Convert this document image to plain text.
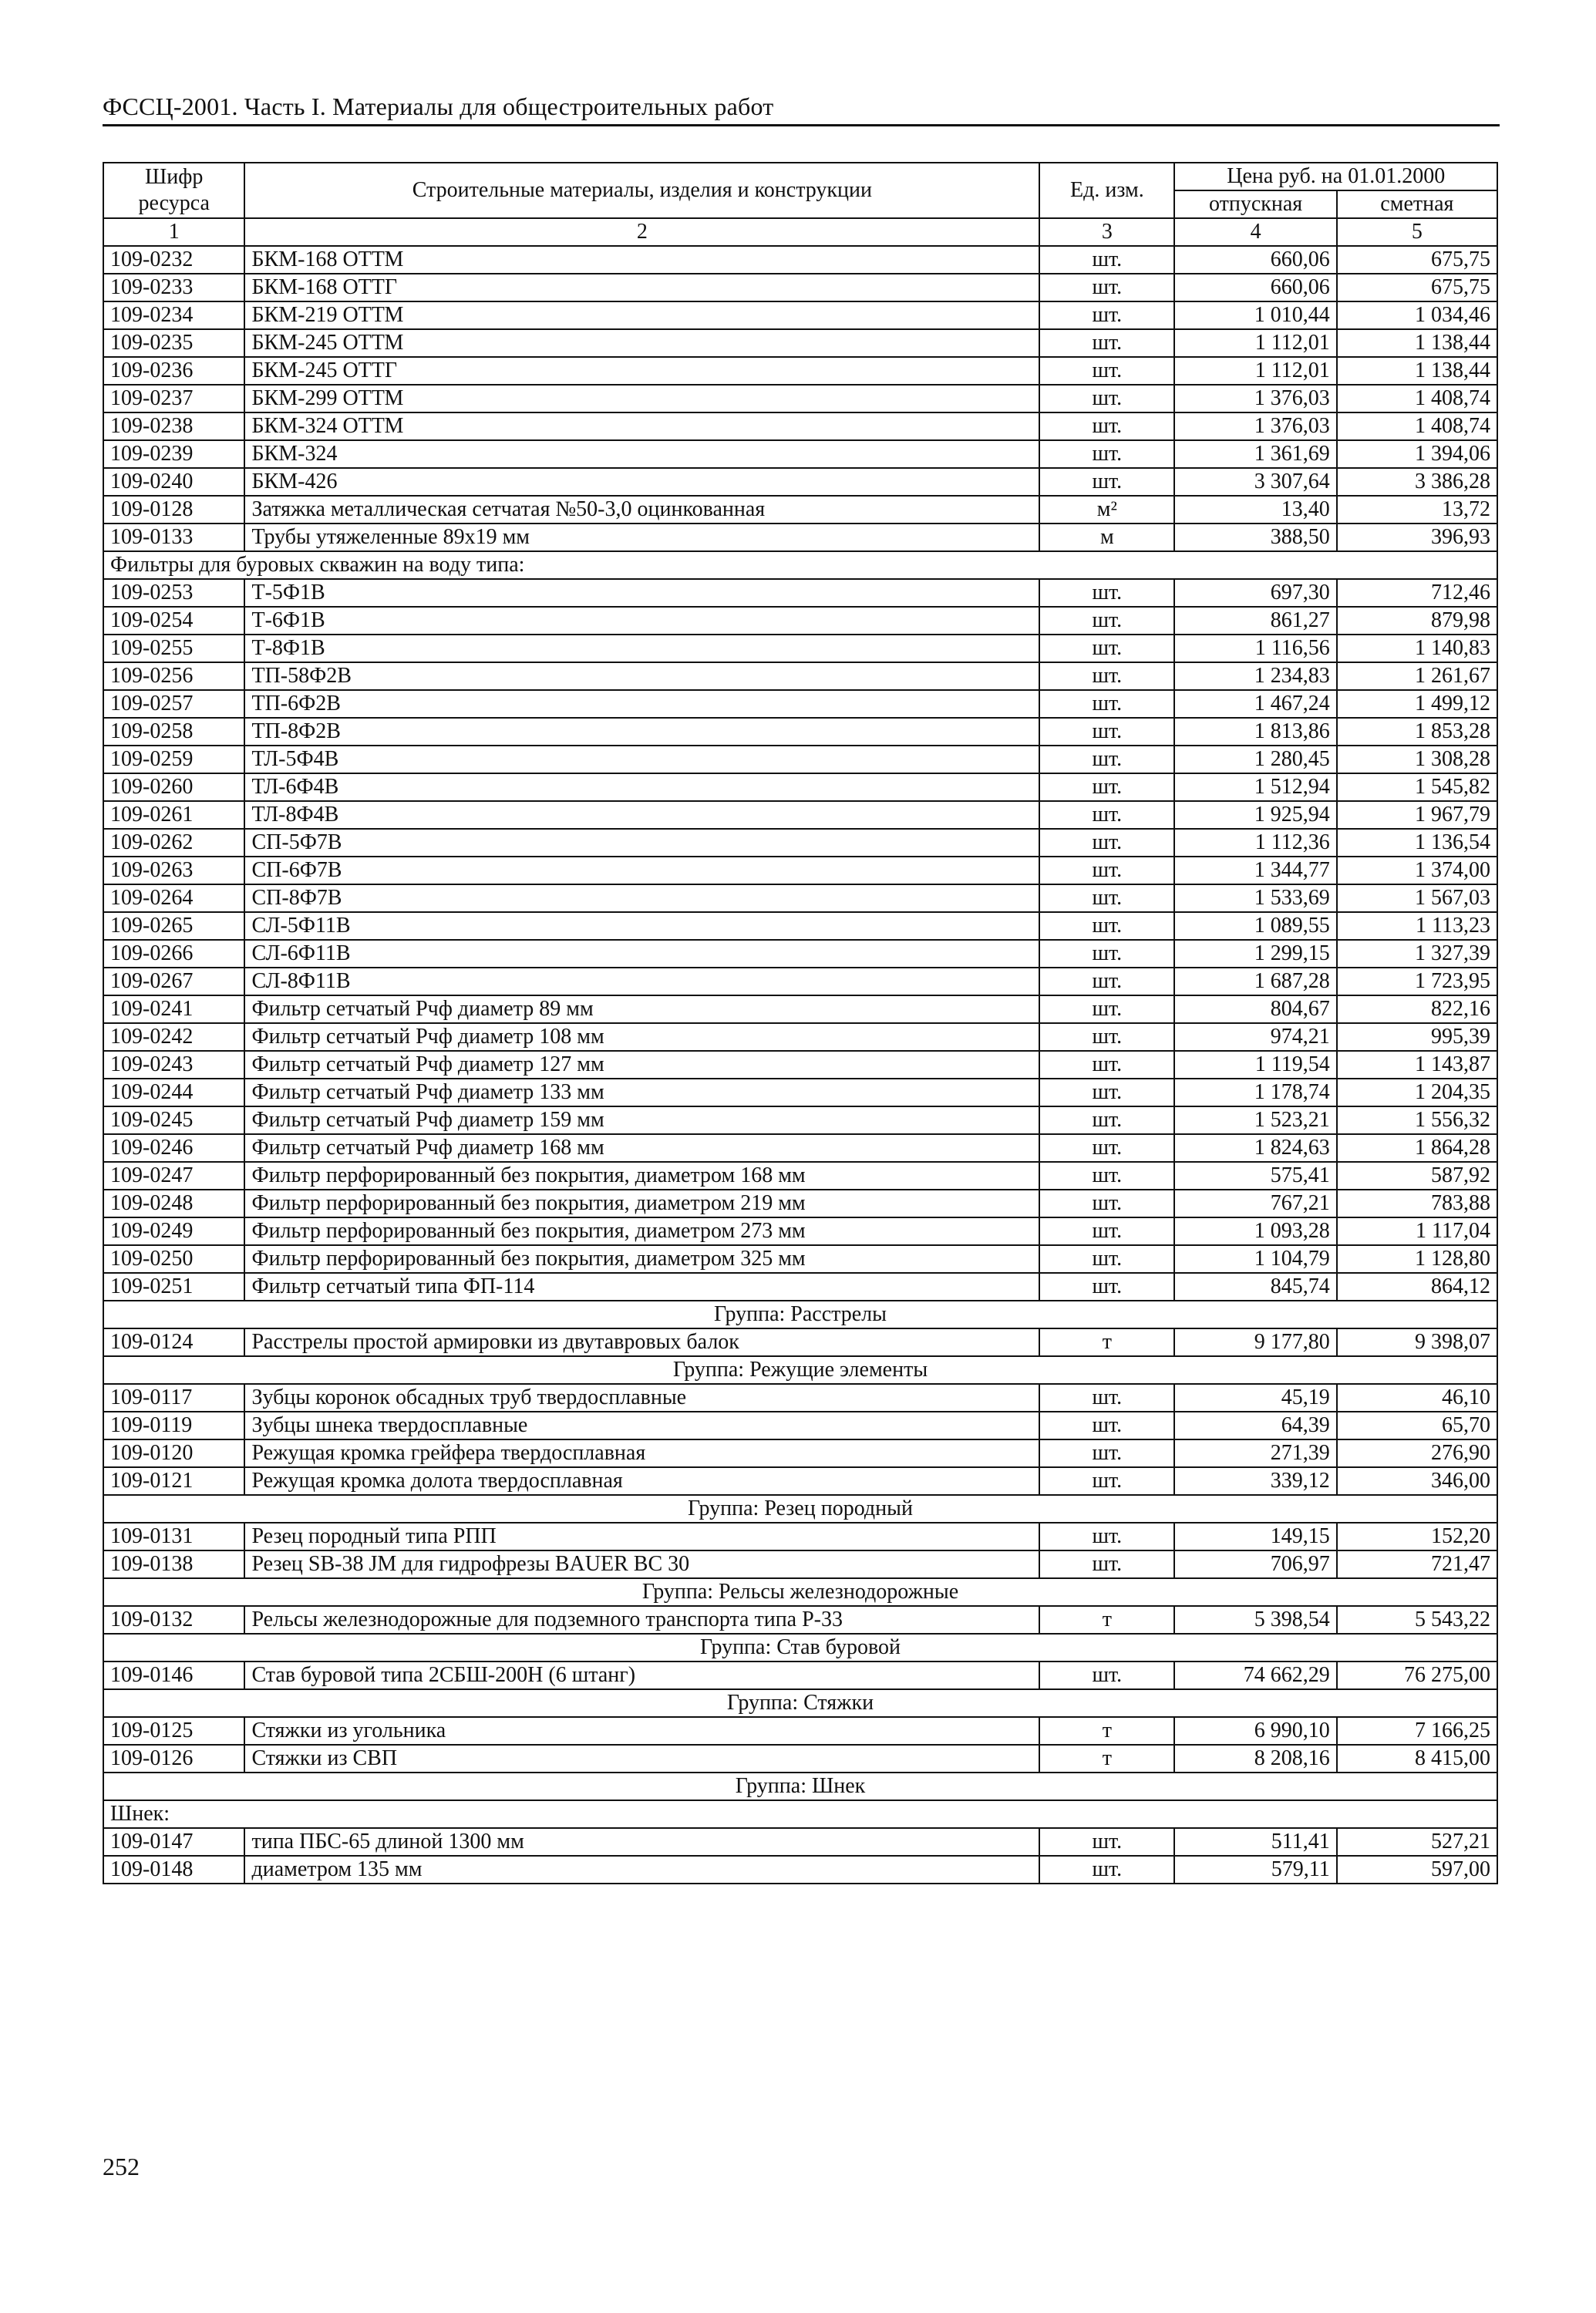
ФССЦ-2001. Часть I. Материалы для общестроительных работ
Шифр ресурса	Строительные материалы, изделия и конструкции	Ед. изм.	Цена руб. на 01.01.2000	
			отпускная	сметная
1	2	3	4	5
109-0232	БКМ-168 ОТТМ	шт.	660,06	675,75
109-0233	БКМ-168 ОТТГ	шт.	660,06	675,75
109-0234	БКМ-219 ОТТМ	шт.	1 010,44	1 034,46
109-0235	БКМ-245 ОТТМ	шт.	1 112,01	1 138,44
109-0236	БКМ-245 ОТТГ	шт.	1 112,01	1 138,44
109-0237	БКМ-299 ОТТМ	шт.	1 376,03	1 408,74
109-0238	БКМ-324 ОТТМ	шт.	1 376,03	1 408,74
109-0239	БКМ-324	шт.	1 361,69	1 394,06
109-0240	БКМ-426	шт.	3 307,64	3 386,28
109-0128	Затяжка металлическая сетчатая №50-3,0 оцинкованная	м²	13,40	13,72
109-0133	Трубы утяжеленные 89х19 мм	м	388,50	396,93
Фильтры для буровых скважин на воду типа:				
109-0253	Т-5Ф1В	шт.	697,30	712,46
109-0254	Т-6Ф1В	шт.	861,27	879,98
109-0255	Т-8Ф1В	шт.	1 116,56	1 140,83
109-0256	ТП-58Ф2В	шт.	1 234,83	1 261,67
109-0257	ТП-6Ф2В	шт.	1 467,24	1 499,12
109-0258	ТП-8Ф2В	шт.	1 813,86	1 853,28
109-0259	ТЛ-5Ф4В	шт.	1 280,45	1 308,28
109-0260	ТЛ-6Ф4В	шт.	1 512,94	1 545,82
109-0261	ТЛ-8Ф4В	шт.	1 925,94	1 967,79
109-0262	СП-5Ф7В	шт.	1 112,36	1 136,54
109-0263	СП-6Ф7В	шт.	1 344,77	1 374,00
109-0264	СП-8Ф7В	шт.	1 533,69	1 567,03
109-0265	СЛ-5Ф11В	шт.	1 089,55	1 113,23
109-0266	СЛ-6Ф11В	шт.	1 299,15	1 327,39
109-0267	СЛ-8Ф11В	шт.	1 687,28	1 723,95
109-0241	Фильтр сетчатый Рчф диаметр 89 мм	шт.	804,67	822,16
109-0242	Фильтр сетчатый Рчф диаметр 108 мм	шт.	974,21	995,39
109-0243	Фильтр сетчатый Рчф диаметр 127 мм	шт.	1 119,54	1 143,87
109-0244	Фильтр сетчатый Рчф диаметр 133 мм	шт.	1 178,74	1 204,35
109-0245	Фильтр сетчатый Рчф диаметр 159 мм	шт.	1 523,21	1 556,32
109-0246	Фильтр сетчатый Рчф диаметр 168 мм	шт.	1 824,63	1 864,28
109-0247	Фильтр перфорированный без покрытия, диаметром 168 мм	шт.	575,41	587,92
109-0248	Фильтр перфорированный без покрытия, диаметром 219 мм	шт.	767,21	783,88
109-0249	Фильтр перфорированный без покрытия, диаметром 273 мм	шт.	1 093,28	1 117,04
109-0250	Фильтр перфорированный без покрытия, диаметром 325 мм	шт.	1 104,79	1 128,80
109-0251	Фильтр сетчатый типа ФП-114	шт.	845,74	864,12
Группа: Расстрелы				
109-0124	Расстрелы простой армировки из двутавровых балок	т	9 177,80	9 398,07
Группа: Режущие элементы				
109-0117	Зубцы коронок обсадных труб твердосплавные	шт.	45,19	46,10
109-0119	Зубцы шнека твердосплавные	шт.	64,39	65,70
109-0120	Режущая кромка грейфера твердосплавная	шт.	271,39	276,90
109-0121	Режущая кромка долота твердосплавная	шт.	339,12	346,00
Группа: Резец породный				
109-0131	Резец породный типа РПП	шт.	149,15	152,20
109-0138	Резец SB-38 JM для гидрофрезы BAUER BC 30	шт.	706,97	721,47
Группа: Рельсы железнодорожные				
109-0132	Рельсы железнодорожные для подземного транспорта типа Р-33	т	5 398,54	5 543,22
Группа: Став буровой				
109-0146	Став буровой типа 2СБШ-200Н (6 штанг)	шт.	74 662,29	76 275,00
Группа: Стяжки				
109-0125	Стяжки из угольника	т	6 990,10	7 166,25
109-0126	Стяжки из СВП	т	8 208,16	8 415,00
Группа: Шнек				
Шнек:				
109-0147	типа ПБС-65 длиной 1300 мм	шт.	511,41	527,21
109-0148	диаметром 135 мм	шт.	579,11	597,00
252
